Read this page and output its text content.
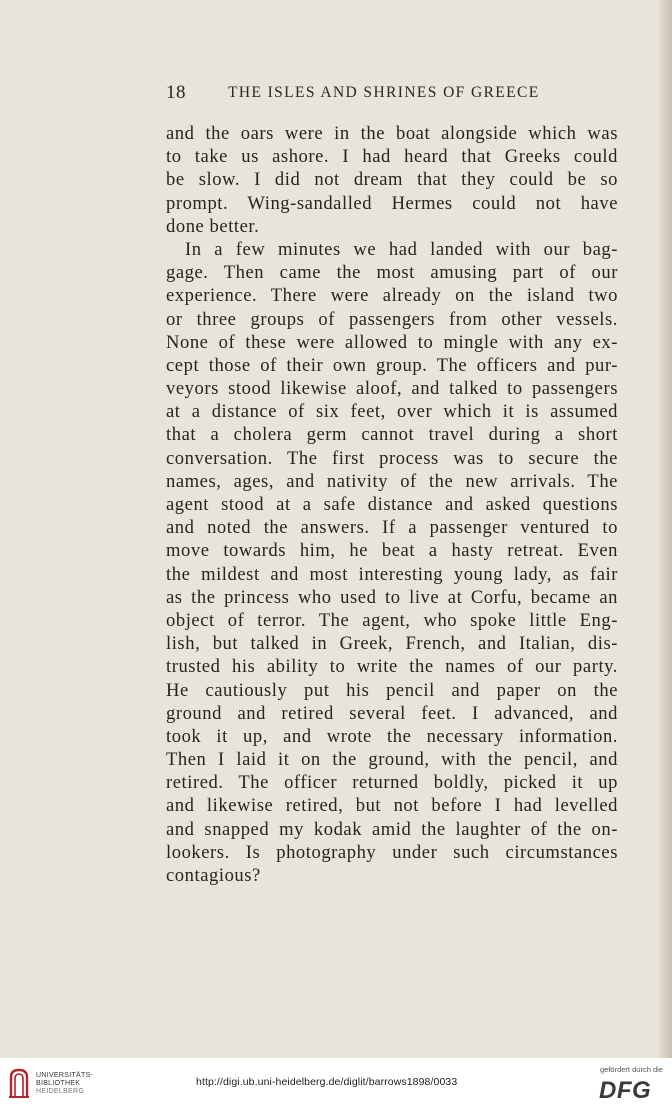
18	THE ISLES AND SHRINES OF GREECE
and the oars were in the boat alongside which was
to take us ashore. I had heard that Greeks could
be slow. I did not dream that they could be so
prompt. Wing-sandalled Hermes could not have
done better.
In a few minutes we had landed with our bag-
gage. Then came the most amusing part of our
experience. There were already on the island two
or three groups of passengers from other vessels.
None of these were allowed to mingle with any ex-
cept those of their own group. The officers and pur-
veyors stood likewise aloof, and talked to passengers
at a distance of six feet, over which it is assumed
that a cholera germ cannot travel during a short
conversation. The first process was to secure the
names, ages, and nativity of the new arrivals. The
agent stood at a safe distance and asked questions
and noted the answers. If a passenger ventured to
move towards him, he beat a hasty retreat. Even
the mildest and most interesting young lady, as fair
as the princess who used to live at Corfu, became an
object of terror. The agent, who spoke little Eng-
lish, but talked in Greek, French, and Italian, dis-
trusted his ability to write the names of our party.
He cautiously put his pencil and paper on the
ground and retired several feet. I advanced, and
took it up, and wrote the necessary information.
Then I laid it on the ground, with the pencil, and
retired. The officer returned boldly, picked it up
and likewise retired, but not before I had levelled
and snapped my kodak amid the laughter of the on-
lookers. Is photography under such circumstances
contagious?
UNIVERSITÄTS-
BIBLIOTHEK
HEIDELBERG
http://digi.ub.uni-heidelberg.de/diglit/barrows1898/0033
gefördert durch die
DFG
